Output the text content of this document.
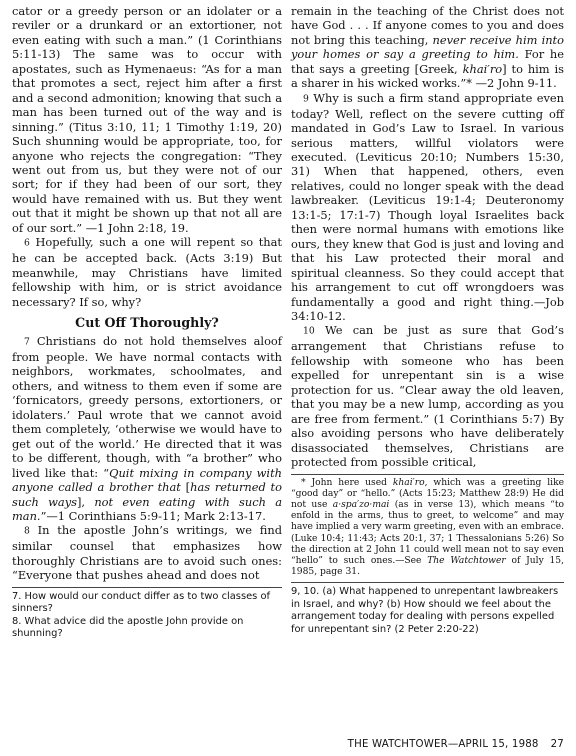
cator or a greedy person or an idolater or a reviler or a drunkard or an extortioner, not even eating with such a man.” (1 Corinthians 5:11-13) The same was to occur with apostates, such as Hymenaeus: “As for a man that promotes a sect, reject him after a first and a second admonition; knowing that such a man has been turned out of the way and is sinning.” (Titus 3:10, 11; 1 Timothy 1:19, 20) Such shunning would be appropriate, too, for anyone who rejects the congregation: “They went out from us, but they were not of our sort; for if they had been of our sort, they would have remained with us. But they went out that it might be shown up that not all are of our sort.” —1 John 2:18, 19.

6 Hopefully, such a one will repent so that he can be accepted back. (Acts 3:19) But meanwhile, may Christians have limited fellowship with him, or is strict avoidance necessary? If so, why?

Cut Off Thoroughly?

7 Christians do not hold themselves aloof from people. We have normal contacts with neighbors, workmates, schoolmates, and others, and witness to them even if some are ‘fornicators, greedy persons, extortioners, or idolaters.’ Paul wrote that we cannot avoid them completely, ‘otherwise we would have to get out of the world.’ He directed that it was to be different, though, with “a brother” who lived like that: “Quit mixing in company with anyone called a brother that [has returned to such ways], not even eating with such a man.”—1 Corinthians 5:9-11; Mark 2:13-17.

8 In the apostle John’s writings, we find similar counsel that emphasizes how thoroughly Christians are to avoid such ones: “Everyone that pushes ahead and does not

7. How would our conduct differ as to two classes of sinners?

8. What advice did the apostle John provide on shunning?

remain in the teaching of the Christ does not have God . . . If anyone comes to you and does not bring this teaching, never receive him into your homes or say a greeting to him. For he that says a greeting [Greek, khai′ro] to him is a sharer in his wicked works.”* —2 John 9-11.

9 Why is such a firm stand appropriate even today? Well, reflect on the severe cutting off mandated in God’s Law to Israel. In various serious matters, willful violators were executed. (Leviticus 20:10; Numbers 15:30, 31) When that happened, others, even relatives, could no longer speak with the dead lawbreaker. (Leviticus 19:1-4; Deuteronomy 13:1-5; 17:1-7) Though loyal Israelites back then were normal humans with emotions like ours, they knew that God is just and loving and that his Law protected their moral and spiritual cleanness. So they could accept that his arrangement to cut off wrongdoers was fundamentally a good and right thing.—Job 34:10-12.

10 We can be just as sure that God’s arrangement that Christians refuse to fellowship with someone who has been expelled for unrepentant sin is a wise protection for us. “Clear away the old leaven, that you may be a new lump, according as you are free from ferment.” (1 Corinthians 5:7) By also avoiding persons who have deliberately disassociated themselves, Christians are protected from possible critical,

* John here used khai′ro, which was a greeting like “good day” or “hello.” (Acts 15:23; Matthew 28:9) He did not use a·spa′zo·mai (as in verse 13), which means “to enfold in the arms, thus to greet, to welcome” and may have implied a very warm greeting, even with an embrace. (Luke 10:4; 11:43; Acts 20:1, 37; 1 Thessalonians 5:26) So the direction at 2 John 11 could well mean not to say even “hello” to such ones.—See The Watchtower of July 15, 1985, page 31.

9, 10. (a) What happened to unrepentant lawbreakers in Israel, and why? (b) How should we feel about the arrangement today for dealing with persons expelled for unrepentant sin? (2 Peter 2:20-22)

THE WATCHTOWER—APRIL 15, 1988 27
